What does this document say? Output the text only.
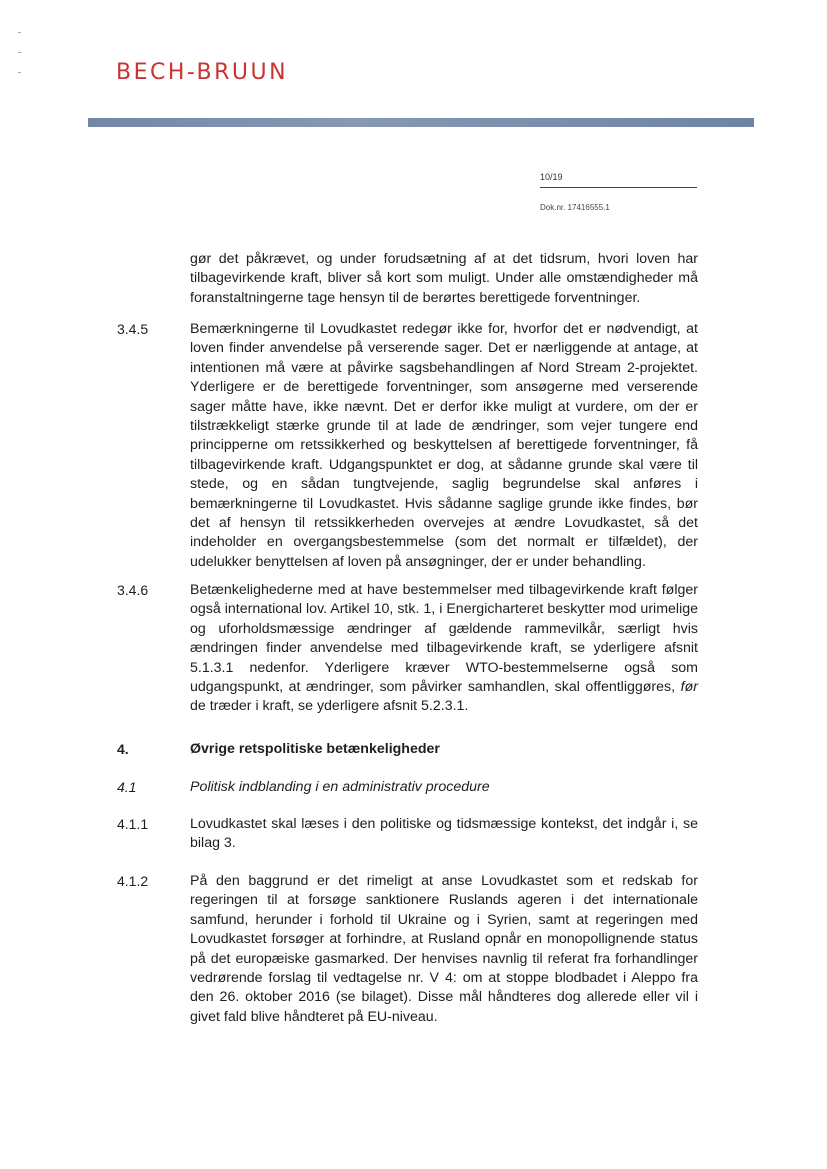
BECH-BRUUN
10/19
Dok.nr. 17416555.1
gør det påkrævet, og under forudsætning af at det tidsrum, hvori loven har tilbagevirkende kraft, bliver så kort som muligt. Under alle omstændigheder må foranstaltningerne tage hensyn til de berørtes berettigede forventninger.
3.4.5	Bemærkningerne til Lovudkastet redegør ikke for, hvorfor det er nødvendigt, at loven finder anvendelse på verserende sager. Det er nærliggende at antage, at intentionen må være at påvirke sagsbehandlingen af Nord Stream 2-projektet. Yderligere er de berettigede forventninger, som ansøgerne med verserende sager måtte have, ikke nævnt. Det er derfor ikke muligt at vurdere, om der er tilstrækkeligt stærke grunde til at lade de ændringer, som vejer tungere end principperne om retssikkerhed og beskyttelsen af berettigede forventninger, få tilbagevirkende kraft. Udgangspunktet er dog, at sådanne grunde skal være til stede, og en sådan tungtvejende, saglig begrundelse skal anføres i bemærkningerne til Lovudkastet. Hvis sådanne saglige grunde ikke findes, bør det af hensyn til retssikkerheden overvejes at ændre Lovudkastet, så det indeholder en overgangsbestemmelse (som det normalt er tilfældet), der udelukker benyttelsen af loven på ansøgninger, der er under behandling.
3.4.6	Betænkelighederne med at have bestemmelser med tilbagevirkende kraft følger også international lov. Artikel 10, stk. 1, i Energicharteret beskytter mod urimelige og uforholdsmæssige ændringer af gældende rammevilkår, særligt hvis ændringen finder anvendelse med tilbagevirkende kraft, se yderligere afsnit 5.1.3.1 nedenfor. Yderligere kræver WTO-bestemmelserne også som udgangspunkt, at ændringer, som påvirker samhandlen, skal offentliggøres, før de træder i kraft, se yderligere afsnit 5.2.3.1.
4.	Øvrige retspolitiske betænkeligheder
4.1	Politisk indblanding i en administrativ procedure
4.1.1	Lovudkastet skal læses i den politiske og tidsmæssige kontekst, det indgår i, se bilag 3.
4.1.2	På den baggrund er det rimeligt at anse Lovudkastet som et redskab for regeringen til at forsøge sanktionere Ruslands ageren i det internationale samfund, herunder i forhold til Ukraine og i Syrien, samt at regeringen med Lovudkastet forsøger at forhindre, at Rusland opnår en monopollignende status på det europæiske gasmarked. Der henvises navnlig til referat fra forhandlinger vedrørende forslag til vedtagelse nr. V 4: om at stoppe blodbadet i Aleppo fra den 26. oktober 2016 (se bilaget). Disse mål håndteres dog allerede eller vil i givet fald blive håndteret på EU-niveau.
